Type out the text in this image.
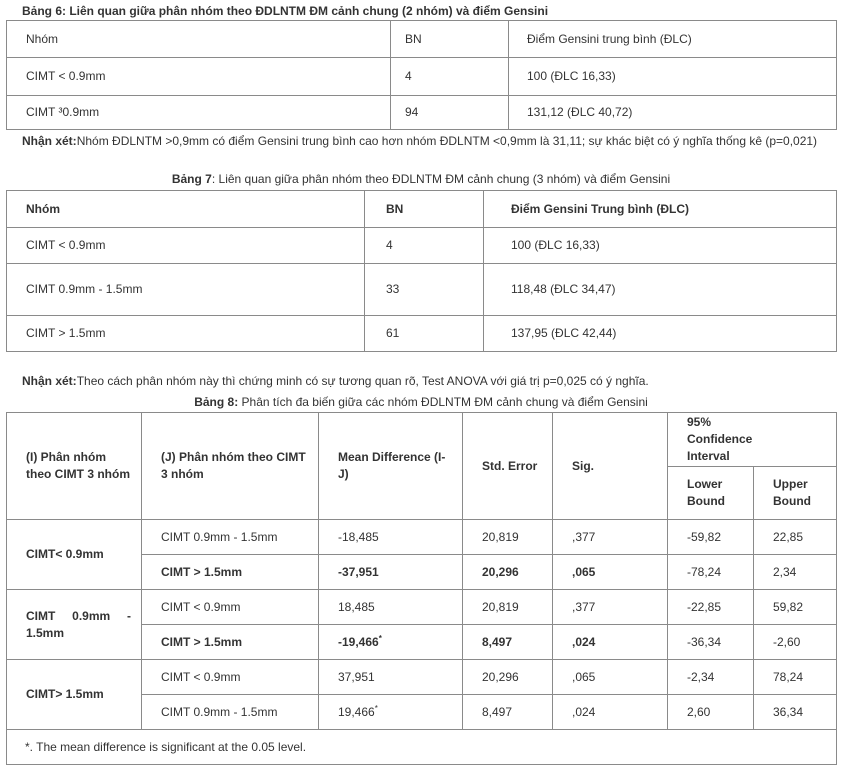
Bảng 6: Liên quan giữa phân nhóm theo ĐDLNTM ĐM cảnh chung (2 nhóm) và điểm Gensini
Nhóm	BN	Điểm Gensini trung bình (ĐLC)
CIMT < 0.9mm	4	100 (ĐLC 16,33)
CIMT ³0.9mm	94	131,12 (ĐLC 40,72)
Nhận xét:Nhóm ĐDLNTM >0,9mm có điểm Gensini trung bình cao hơn nhóm ĐDLNTM <0,9mm là 31,11; sự khác biệt có ý nghĩa thống kê (p=0,021)
Bảng 7: Liên quan giữa phân nhóm theo ĐDLNTM ĐM cảnh chung (3 nhóm) và điểm Gensini
Nhóm	BN	Điểm Gensini Trung bình (ĐLC)
CIMT < 0.9mm	4	100 (ĐLC 16,33)
CIMT 0.9mm - 1.5mm	33	118,48 (ĐLC 34,47)
CIMT > 1.5mm	61	137,95 (ĐLC 42,44)
Nhận xét:Theo cách phân nhóm này thì chứng minh có sự tương quan rõ, Test ANOVA với giá trị p=0,025 có ý nghĩa.
Bảng 8: Phân tích đa biến giữa các nhóm ĐDLNTM ĐM cảnh chung và điểm Gensini
(I) Phân nhóm theo CIMT 3 nhóm	(J) Phân nhóm theo CIMT 3 nhóm	Mean Difference (I-J)	Std. Error	Sig.	95% Confidence Interval	
					Lower Bound	Upper Bound
CIMT< 0.9mm	CIMT 0.9mm - 1.5mm	-18,485	20,819	,377	-59,82	22,85
	CIMT > 1.5mm	-37,951	20,296	,065	-78,24	2,34
CIMT 0.9mm - 1.5mm	CIMT < 0.9mm	18,485	20,819	,377	-22,85	59,82
	CIMT > 1.5mm	-19,466*	8,497	,024	-36,34	-2,60
CIMT> 1.5mm	CIMT < 0.9mm	37,951	20,296	,065	-2,34	78,24
	CIMT 0.9mm - 1.5mm	19,466*	8,497	,024	2,60	36,34
*. The mean difference is significant at the 0.05 level.						
